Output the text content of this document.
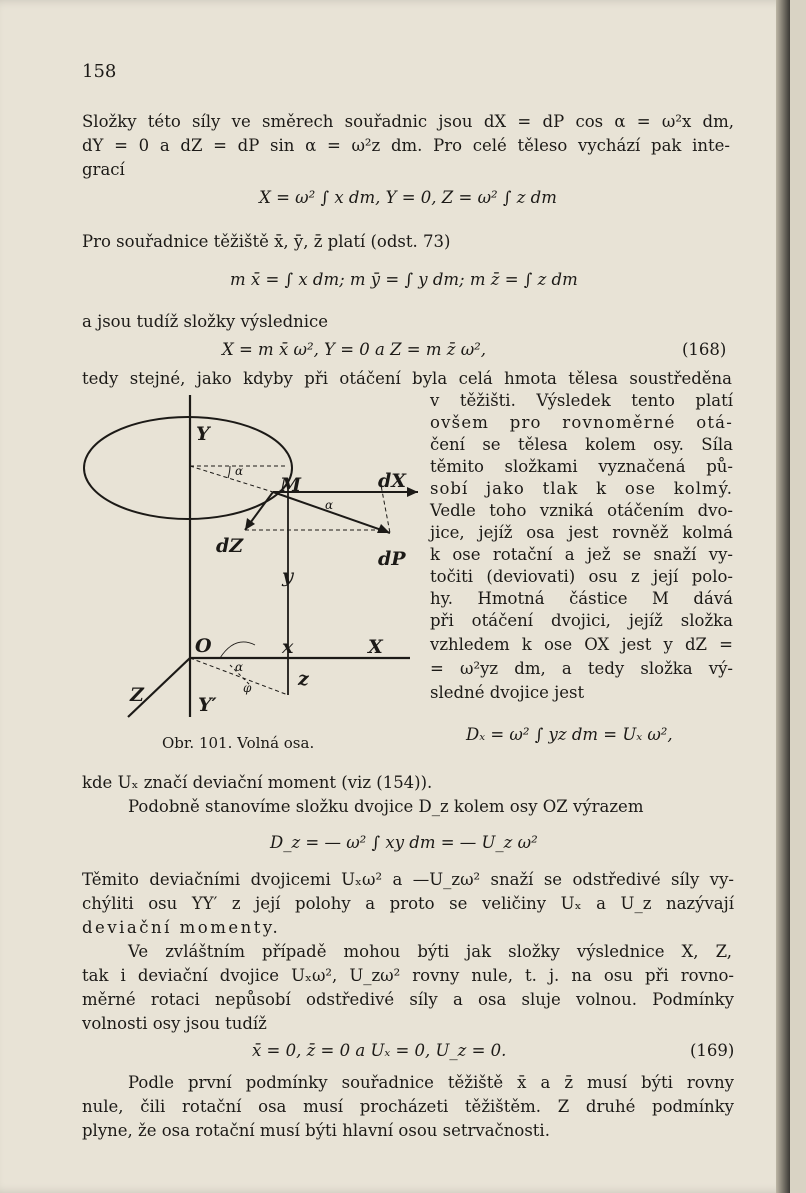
158
Složky této síly ve směrech souřadnic jsou dX = dP cos α = ω²x dm,
dY = 0 a dZ = dP sin α = ω²z dm. Pro celé těleso vychází pak inte-
grací
X = ω² ∫ x dm, Y = 0, Z = ω² ∫ z dm
Pro souřadnice těžiště x̄, ȳ, z̄ platí (odst. 73)
m x̄ = ∫ x dm; m ȳ = ∫ y dm; m z̄ = ∫ z dm
a jsou tudíž složky výslednice
X = m x̄ ω², Y = 0 a Z = m z̄ ω²,	(168)
tedy stejné, jako kdyby při otáčení byla celá hmota tělesa soustředěna
v těžišti. Výsledek tento platí
ovšem pro rovnoměrné otá-
čení se tělesa kolem osy. Síla
těmito složkami vyznačená pů-
sobí jako tlak k ose kolmý.
Vedle toho vzniká otáčením dvo-
jice, jejíž osa jest rovněž kolmá
k ose rotační a jež se snaží vy-
točiti (deviovati) osu z její polo-
hy. Hmotná částice M dává
při otáčení dvojici, jejíž složka
vzhledem k ose OX jest y dZ =
= ω²yz dm, a tedy složka vý-
sledné dvojice jest
Dₓ = ω² ∫ yz dm = Uₓ ω²,
Y
M	dX
dZ
dP
y
O	x	X
z
Z	Y′
α
α
α
φ
Obr. 101. Volná osa.
kde Uₓ značí deviační moment (viz (154)).
Podobně stanovíme složku dvojice D_z kolem osy OZ výrazem
D_z = — ω² ∫ xy dm = — U_z ω²
Těmito deviačními dvojicemi Uₓω² a —U_zω² snaží se odstředivé síly vy-
chýliti osu YY′ z její polohy a proto se veličiny Uₓ a U_z nazývají
deviační momenty.
Ve zvláštním případě mohou býti jak složky výslednice X, Z,
tak i deviační dvojice Uₓω², U_zω² rovny nule, t. j. na osu při rovno-
měrné rotaci nepůsobí odstředivé síly a osa sluje volnou. Podmínky
volnosti osy jsou tudíž
x̄ = 0, z̄ = 0 a Uₓ = 0, U_z = 0.	(169)
Podle první podmínky souřadnice těžiště x̄ a z̄ musí býti rovny
nule, čili rotační osa musí procházeti těžištěm. Z druhé podmínky
plyne, že osa rotační musí býti hlavní osou setrvačnosti.
